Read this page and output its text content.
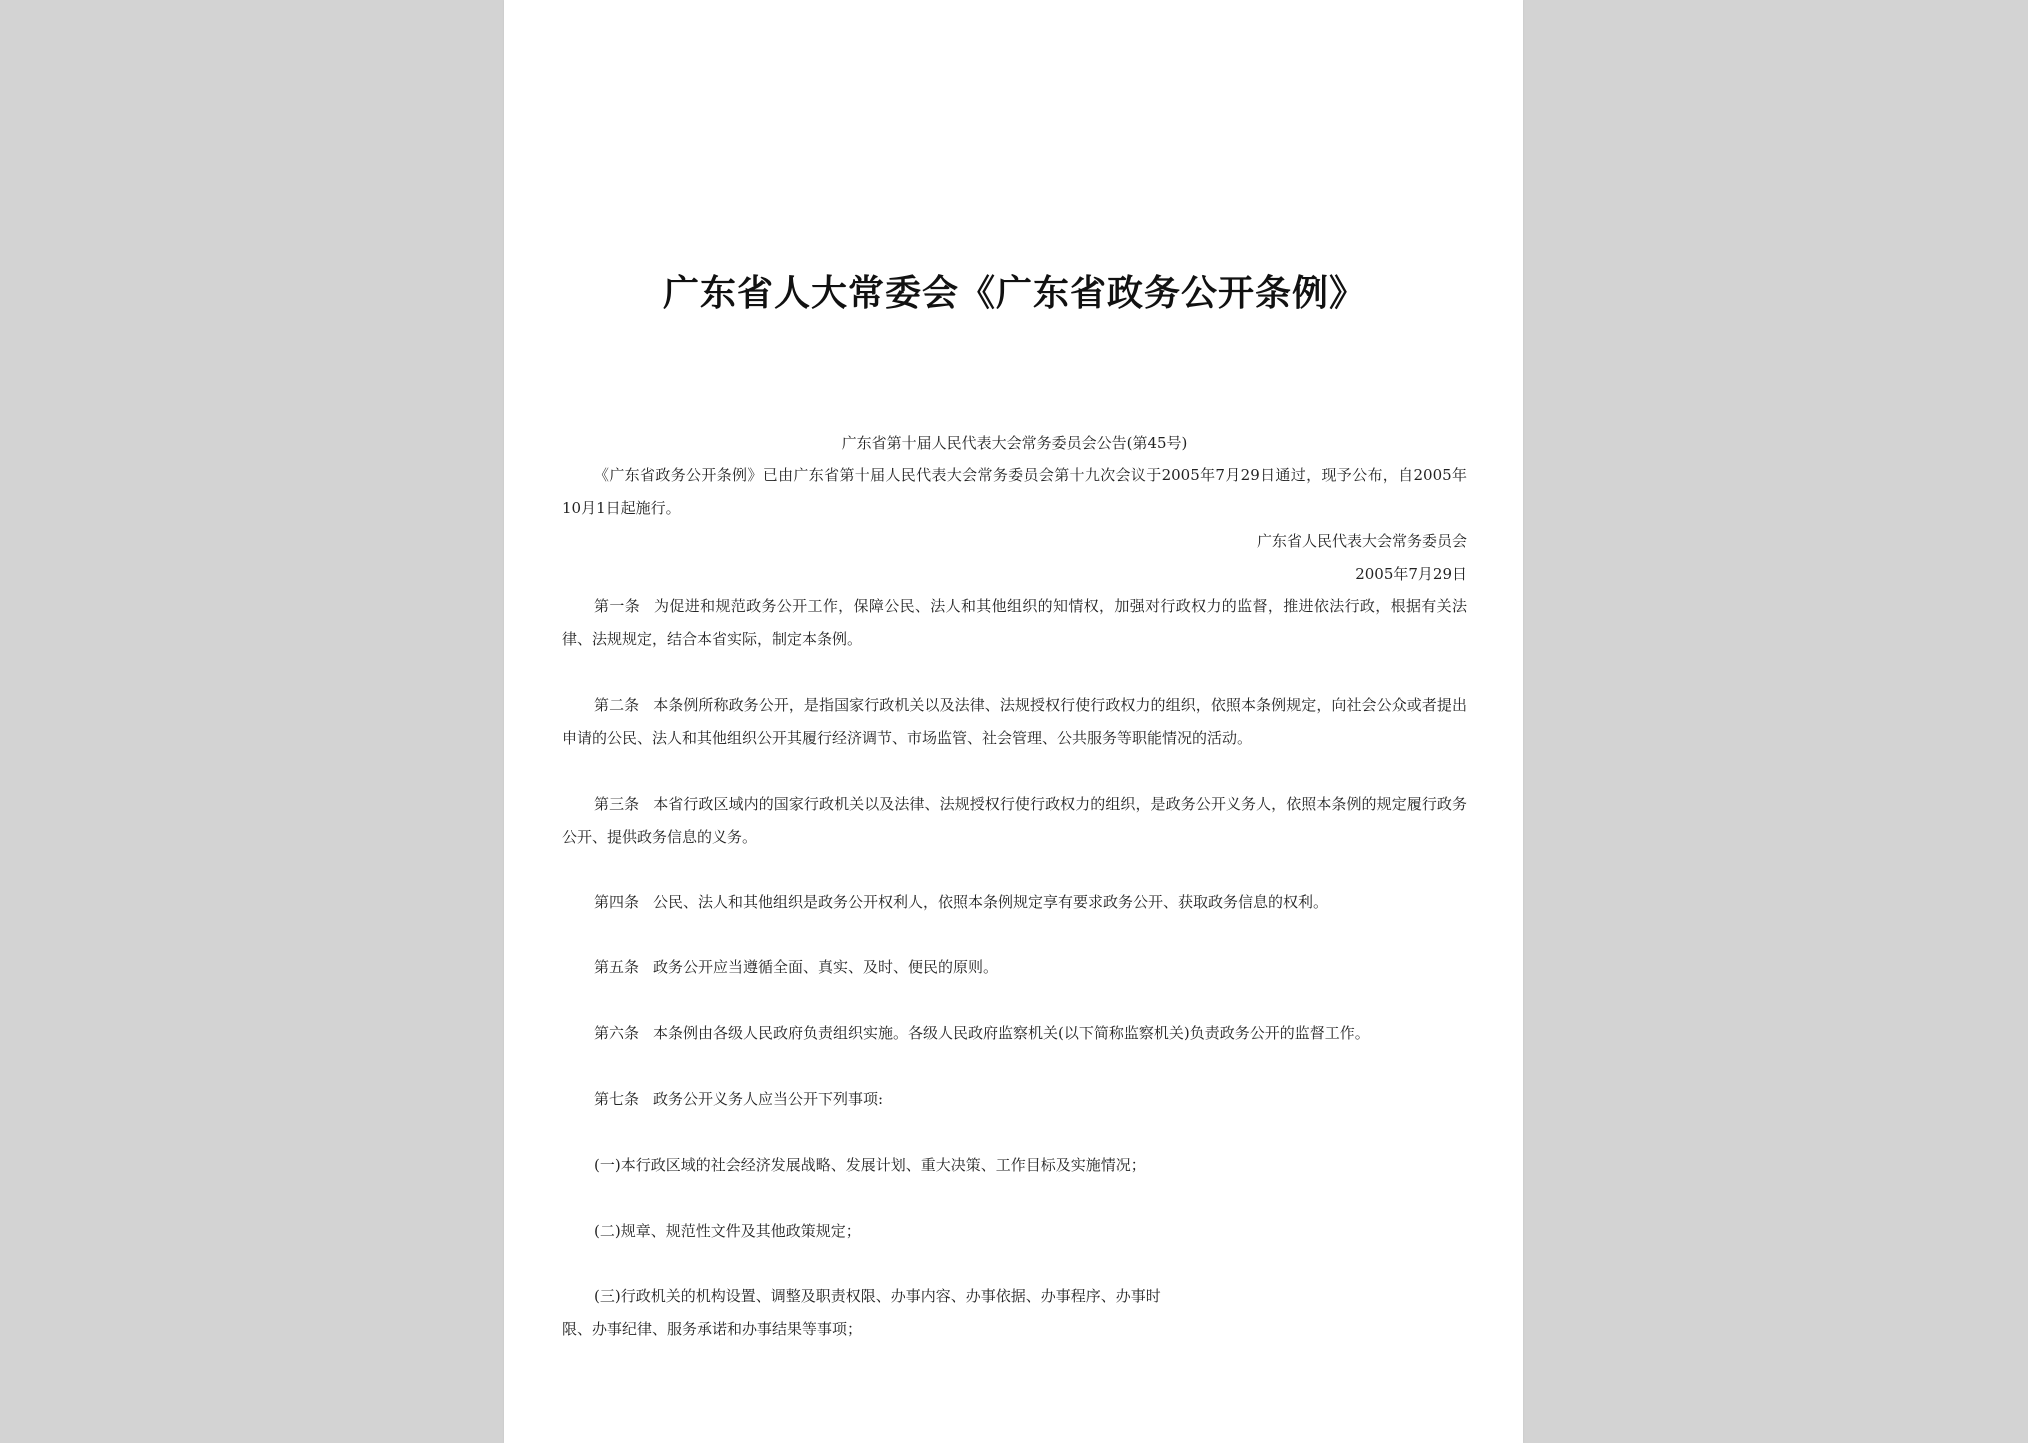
广东省人大常委会《广东省政务公开条例》
广东省第十届人民代表大会常务委员会公告(第45号)
《广东省政务公开条例》已由广东省第十届人民代表大会常务委员会第十九次会议于2005年7月29日通过，现予公布，自2005年10月1日起施行。
广东省人民代表大会常务委员会
2005年7月29日
第一条 为促进和规范政务公开工作，保障公民、法人和其他组织的知情权，加强对行政权力的监督，推进依法行政，根据有关法律、法规规定，结合本省实际，制定本条例。
第二条 本条例所称政务公开，是指国家行政机关以及法律、法规授权行使行政权力的组织，依照本条例规定，向社会公众或者提出申请的公民、法人和其他组织公开其履行经济调节、市场监管、社会管理、公共服务等职能情况的活动。
第三条 本省行政区域内的国家行政机关以及法律、法规授权行使行政权力的组织，是政务公开义务人，依照本条例的规定履行政务公开、提供政务信息的义务。
第四条 公民、法人和其他组织是政务公开权利人，依照本条例规定享有要求政务公开、获取政务信息的权利。
第五条 政务公开应当遵循全面、真实、及时、便民的原则。
第六条 本条例由各级人民政府负责组织实施。各级人民政府监察机关(以下简称监察机关)负责政务公开的监督工作。
第七条 政务公开义务人应当公开下列事项:
(一)本行政区域的社会经济发展战略、发展计划、重大决策、工作目标及实施情况；
(二)规章、规范性文件及其他政策规定；
(三)行政机关的机构设置、调整及职责权限、办事内容、办事依据、办事程序、办事时
限、办事纪律、服务承诺和办事结果等事项；
